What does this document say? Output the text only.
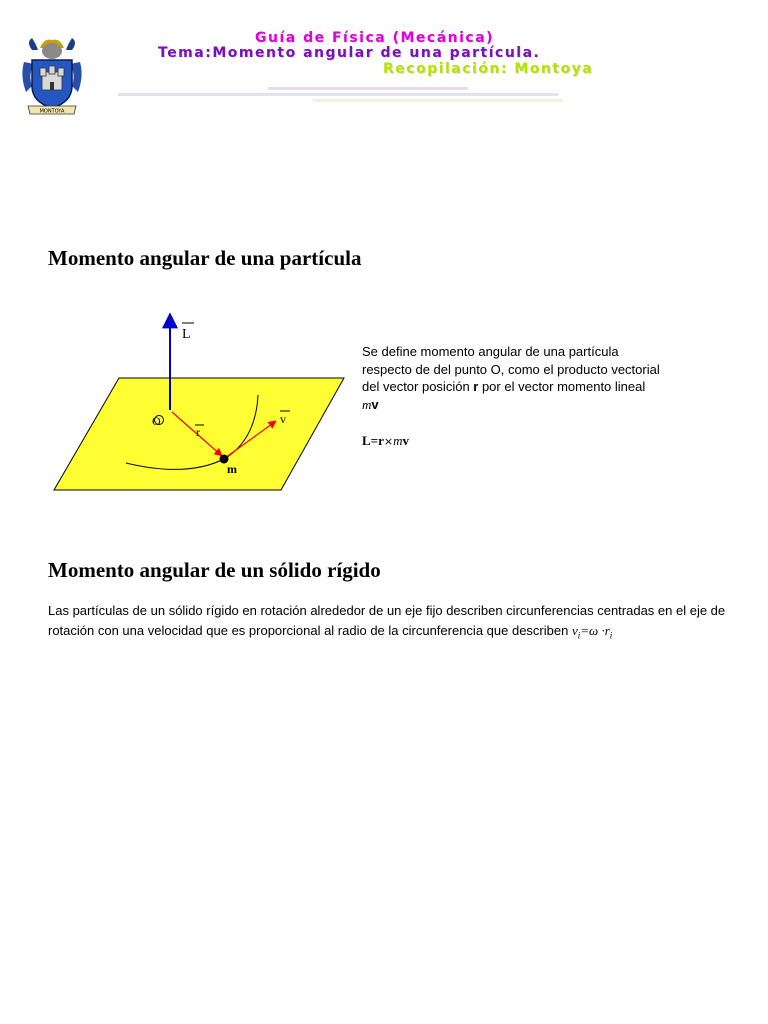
MONTOYA
Guía de Física (Mecánica)
Tema:Momento angular de una partícula.
Recopilación: Montoya
Momento angular de una partícula
L
O
r
v
m

Se define momento angular de una partícula respecto de del punto O, como el producto vectorial del vector posición r por el vector momento lineal mv

L=r×mv
Momento angular de un sólido rígido
Las partículas de un sólido rígido en rotación alrededor de un eje fijo describen circunferencias centradas en el eje de rotación con una velocidad que es proporcional al radio de la circunferencia que describen $v_i=\omega \cdot r_i$
